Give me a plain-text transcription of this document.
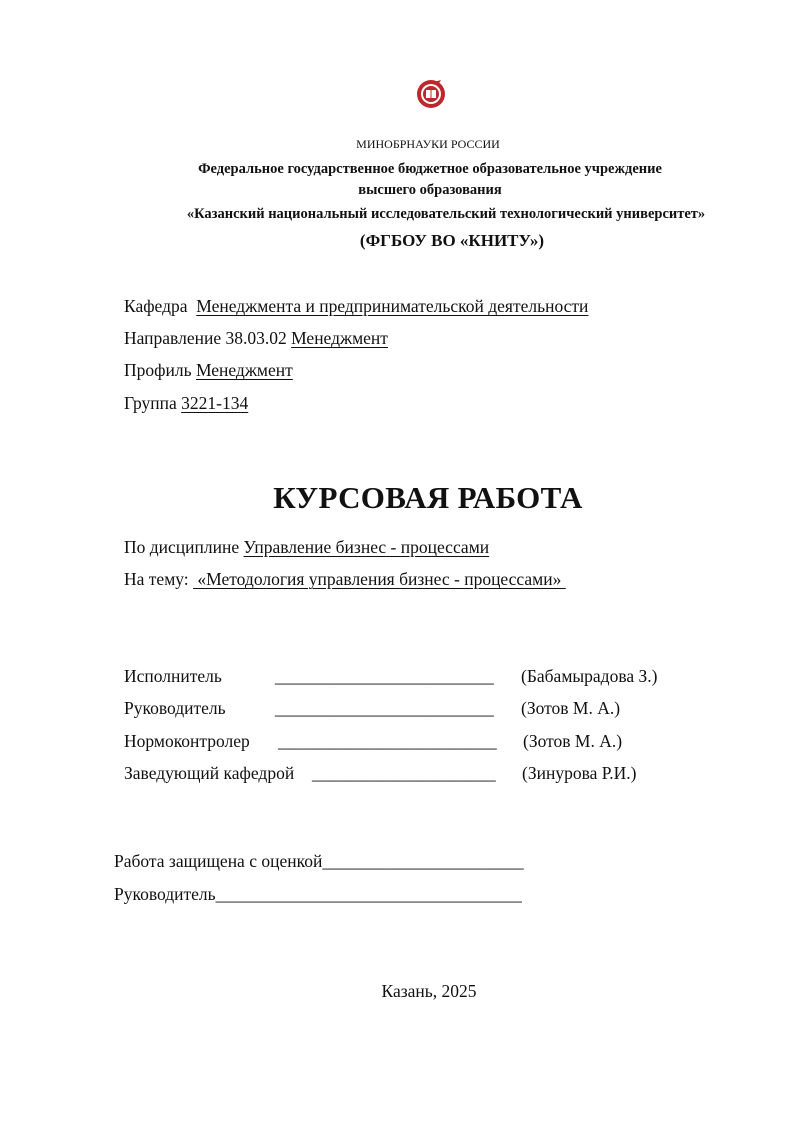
МИНОБРНАУКИ РОССИИ
Федеральное государственное бюджетное образовательное учреждение
высшего образования
«Казанский национальный исследовательский технологический университет»
(ФГБОУ ВО «КНИТУ»)
Кафедра Менеджмента и предпринимательской деятельности
Направление 38.03.02 Менеджмент
Профиль Менеджмент
Группа 3221-134
КУРСОВАЯ РАБОТА
По дисциплине Управление бизнес - процессами
На тему:  «Методология управления бизнес - процессами»
Исполнитель	_________________________ (Бабамырадова З.)
Руководитель	_________________________ (Зотов М. А.)
Нормоконтролер _________________________ (Зотов М. А.)
Заведующий кафедрой _____________________ (Зинурова Р.И.)
Работа защищена с оценкой_______________________
Руководитель___________________________________
Казань, 2025
